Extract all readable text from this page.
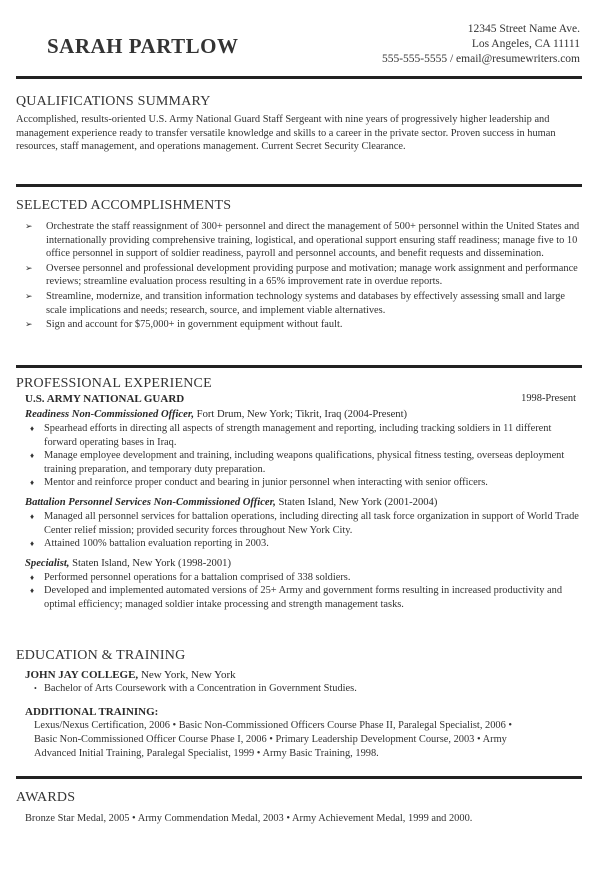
SARAH PARTLOW
12345 Street Name Ave.
Los Angeles, CA 11111
555-555-5555 / email@resumewriters.com
QUALIFICATIONS SUMMARY

Accomplished, results-oriented U.S. Army National Guard Staff Sergeant with nine years of progressively higher leadership and management experience ready to transfer versatile knowledge and skills to a career in the private sector. Proven success in human resources, staff management, and operations management. Current Secret Security Clearance.

SELECTED ACCOMPLISHMENTS
➢ Orchestrate the staff reassignment of 300+ personnel and direct the management of 500+ personnel within the United States and internationally providing comprehensive training, logistical, and operational support ensuring staff readiness; manage five to 10 office personnel in support of soldier readiness, payroll and personnel accounts, and benefit requests and dissemination.
➢ Oversee personnel and professional development providing purpose and motivation; manage work assignment and performance reviews; streamline evaluation process resulting in a 65% improvement rate in overdue reports.
➢ Streamline, modernize, and transition information technology systems and databases by effectively assessing small and large scale implications and needs; research, source, and implement viable alternatives.
➢ Sign and account for $75,000+ in government equipment without fault.
PROFESSIONAL EXPERIENCE
U.S. ARMY NATIONAL GUARD	1998-Present
Readiness Non-Commissioned Officer, Fort Drum, New York; Tikrit, Iraq (2004-Present)
♦ Spearhead efforts in directing all aspects of strength management and reporting, including tracking soldiers in 11 different forward operating bases in Iraq.
♦ Manage employee development and training, including weapons qualifications, physical fitness testing, overseas deployment training preparation, and temporary duty preparation.
♦ Mentor and reinforce proper conduct and bearing in junior personnel when interacting with senior officers.
Battalion Personnel Services Non-Commissioned Officer, Staten Island, New York (2001-2004)
♦ Managed all personnel services for battalion operations, including directing all task force organization in support of World Trade Center relief mission; provided security forces throughout New York City.
♦ Attained 100% battalion evaluation reporting in 2003.
Specialist, Staten Island, New York (1998-2001)
♦ Performed personnel operations for a battalion comprised of 338 soldiers.
♦ Developed and implemented automated versions of 25+ Army and government forms resulting in increased productivity and optimal efficiency; managed soldier intake processing and strength management tasks.
EDUCATION & TRAINING
JOHN JAY COLLEGE, New York, New York
• Bachelor of Arts Coursework with a Concentration in Government Studies.
ADDITIONAL TRAINING:
Lexus/Nexus Certification, 2006 • Basic Non-Commissioned Officers Course Phase II, Paralegal Specialist, 2006 •
Basic Non-Commissioned Officer Course Phase I, 2006 • Primary Leadership Development Course, 2003 • Army
Advanced Initial Training, Paralegal Specialist, 1999 • Army Basic Training, 1998.
AWARDS

Bronze Star Medal, 2005 • Army Commendation Medal, 2003 • Army Achievement Medal, 1999 and 2000.
